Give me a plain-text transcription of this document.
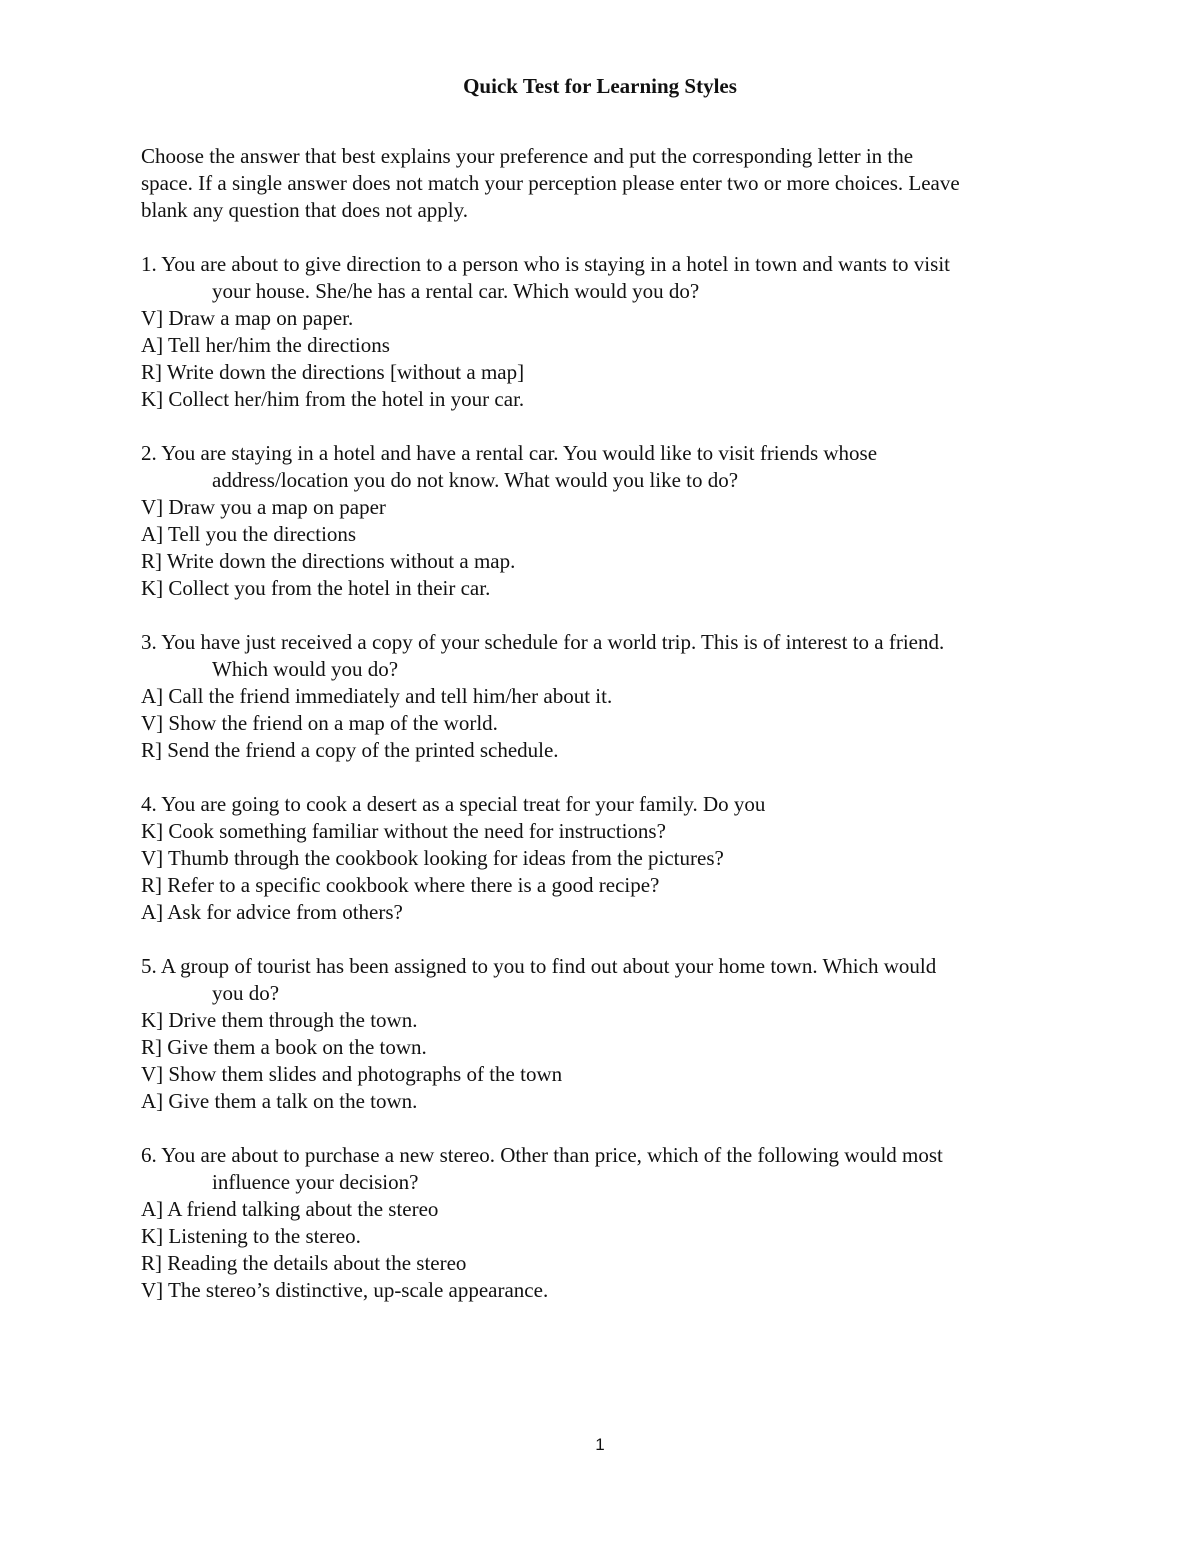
Quick Test for Learning Styles
Choose the answer that best explains your preference and put the corresponding letter in the
space. If a single answer does not match your perception please enter two or more choices. Leave
blank any question that does not apply.
1. You are about to give direction to a person who is staying in a hotel in town and wants to visit
your house. She/he has a rental car. Which would you do?
V] Draw a map on paper.
A] Tell her/him the directions
R] Write down the directions [without a map]
K] Collect her/him from the hotel in your car.
2. You are staying in a hotel and have a rental car. You would like to visit friends whose
address/location you do not know. What would you like to do?
V] Draw you a map on paper
A] Tell you the directions
R] Write down the directions without a map.
K] Collect you from the hotel in their car.
3. You have just received a copy of your schedule for a world trip. This is of interest to a friend.
Which would you do?
A] Call the friend immediately and tell him/her about it.
V] Show the friend on a map of the world.
R] Send the friend a copy of the printed schedule.
4. You are going to cook a desert as a special treat for your family. Do you
K] Cook something familiar without the need for instructions?
V] Thumb through the cookbook looking for ideas from the pictures?
R] Refer to a specific cookbook where there is a good recipe?
A] Ask for advice from others?
5. A group of tourist has been assigned to you to find out about your home town. Which would
you do?
K] Drive them through the town.
R] Give them a book on the town.
V] Show them slides and photographs of the town
A] Give them a talk on the town.
6. You are about to purchase a new stereo. Other than price, which of the following would most
influence your decision?
A] A friend talking about the stereo
K] Listening to the stereo.
R] Reading the details about the stereo
V] The stereo’s distinctive, up-scale appearance.
1
